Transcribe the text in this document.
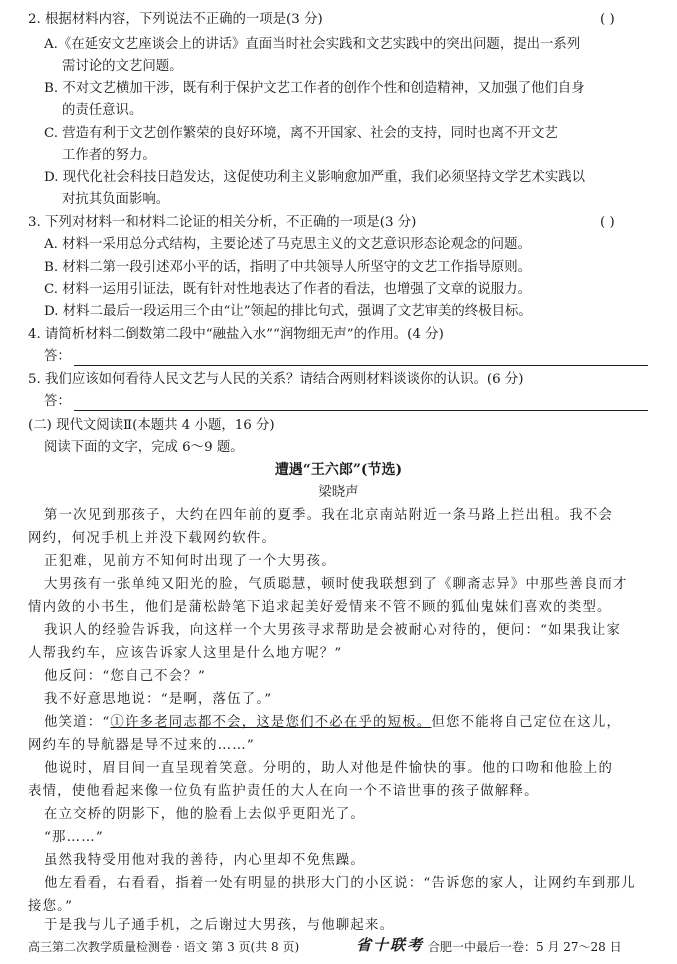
2. 根据材料内容，下列说法不正确的一项是(3 分)	( )
A.《在延安文艺座谈会上的讲话》直面当时社会实践和文艺实践中的突出问题，提出一系列
需讨论的文艺问题。
B. 不对文艺横加干涉，既有利于保护文艺工作者的创作个性和创造精神，又加强了他们自身
的责任意识。
C. 营造有利于文艺创作繁荣的良好环境，离不开国家、社会的支持，同时也离不开文艺
工作者的努力。
D. 现代化社会科技日趋发达，这促使功利主义影响愈加严重，我们必须坚持文学艺术实践以
对抗其负面影响。
3. 下列对材料一和材料二论证的相关分析，不正确的一项是(3 分)	( )
A. 材料一采用总分式结构，主要论述了马克思主义的文艺意识形态论观念的问题。
B. 材料二第一段引述邓小平的话，指明了中共领导人所坚守的文艺工作指导原则。
C. 材料一运用引证法，既有针对性地表达了作者的看法，也增强了文章的说服力。
D. 材料二最后一段运用三个由“让”领起的排比句式，强调了文艺审美的终极目标。
4. 请简析材料二倒数第二段中“融盐入水”“润物细无声”的作用。(4 分)
答：
5. 我们应该如何看待人民文艺与人民的关系？请结合两则材料谈谈你的认识。(6 分)
答：
(二) 现代文阅读Ⅱ(本题共 4 小题，16 分)
阅读下面的文字，完成 6～9 题。
遭遇“王六郎”(节选)
梁晓声
第一次见到那孩子，大约在四年前的夏季。我在北京南站附近一条马路上拦出租。我不会
网约，何况手机上并没下载网约软件。
正犯难，见前方不知何时出现了一个大男孩。
大男孩有一张单纯又阳光的脸，气质聪慧，顿时使我联想到了《聊斋志异》中那些善良而才
情内敛的小书生，他们是蒲松龄笔下追求起美好爱情来不管不顾的狐仙鬼妹们喜欢的类型。
我识人的经验告诉我，向这样一个大男孩寻求帮助是会被耐心对待的，便问：“如果我让家
人帮我约车，应该告诉家人这里是什么地方呢？”
他反问：“您自己不会？”
我不好意思地说：“是啊，落伍了。”
他笑道：“①许多老同志都不会，这是您们不必在乎的短板。但您不能将自己定位在这儿，
网约车的导航器是导不过来的……”
他说时，眉目间一直呈现着笑意。分明的，助人对他是件愉快的事。他的口吻和他脸上的
表情，使他看起来像一位负有监护责任的大人在向一个不谙世事的孩子做解释。
在立交桥的阴影下，他的脸看上去似乎更阳光了。
“那……”
虽然我特受用他对我的善待，内心里却不免焦躁。
他左看看，右看看，指着一处有明显的拱形大门的小区说：“告诉您的家人，让网约车到那儿
接您。”
于是我与儿子通手机，之后谢过大男孩，与他聊起来。
高三第二次教学质量检测卷 · 语文 第 3 页(共 8 页)	省十联考 合肥一中最后一卷：5 月 27～28 日
